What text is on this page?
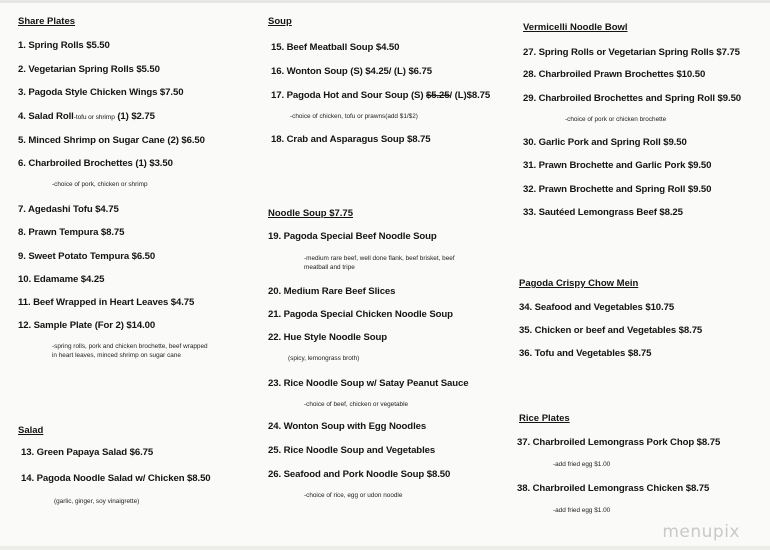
Share Plates
1. Spring Rolls $5.50
2. Vegetarian Spring Rolls $5.50
3. Pagoda Style Chicken Wings $7.50
4. Salad Roll-tofu or shrimp (1) $2.75
5. Minced Shrimp on Sugar Cane (2) $6.50
6. Charbroiled Brochettes (1) $3.50
-choice of pork, chicken or shrimp
7. Agedashi Tofu $4.75
8. Prawn Tempura $8.75
9. Sweet Potato Tempura $6.50
10. Edamame $4.25
11. Beef Wrapped in Heart Leaves $4.75
12. Sample Plate (For 2) $14.00
-spring rolls, pork and chicken brochette, beef wrapped
in heart leaves, minced shrimp on sugar cane
Salad
13. Green Papaya Salad $6.75
14. Pagoda Noodle Salad w/ Chicken $8.50
(garlic, ginger, soy vinaigrette)
Soup
15. Beef Meatball Soup $4.50
16. Wonton Soup (S) $4.25/ (L) $6.75
17. Pagoda Hot and Sour Soup (S)
/ (L)$8.75
-choice of chicken, tofu or prawns(add $1/$2)
18. Crab and Asparagus Soup $8.75
Noodle Soup $7.75
19. Pagoda Special Beef Noodle Soup
-medium rare beef, well done flank, beef brisket, beef
meatball and tripe
20. Medium Rare Beef Slices
21. Pagoda Special Chicken Noodle Soup
22. Hue Style Noodle Soup
(spicy, lemongrass broth)
23. Rice Noodle Soup w/ Satay Peanut Sauce
-choice of beef, chicken or vegetable
24. Wonton Soup with Egg Noodles
25. Rice Noodle Soup and Vegetables
26. Seafood and Pork Noodle Soup $8.50
-choice of rice, egg or udon noodle
Vermicelli Noodle Bowl
27. Spring Rolls or Vegetarian Spring Rolls $7.75
28. Charbroiled Prawn Brochettes $10.50
29. Charbroiled Brochettes and Spring Roll $9.50
-choice of pork or chicken brochette
30. Garlic Pork and Spring Roll $9.50
31. Prawn Brochette and Garlic Pork $9.50
32. Prawn Brochette and Spring Roll $9.50
33. Sautéed Lemongrass Beef $8.25
Pagoda Crispy Chow Mein
34. Seafood and Vegetables $10.75
35. Chicken or beef and Vegetables $8.75
36. Tofu and Vegetables $8.75
Rice Plates
37. Charbroiled Lemongrass Pork Chop $8.75
-add fried egg $1.00
38. Charbroiled Lemongrass Chicken $8.75
-add fried egg $1.00
menupix
